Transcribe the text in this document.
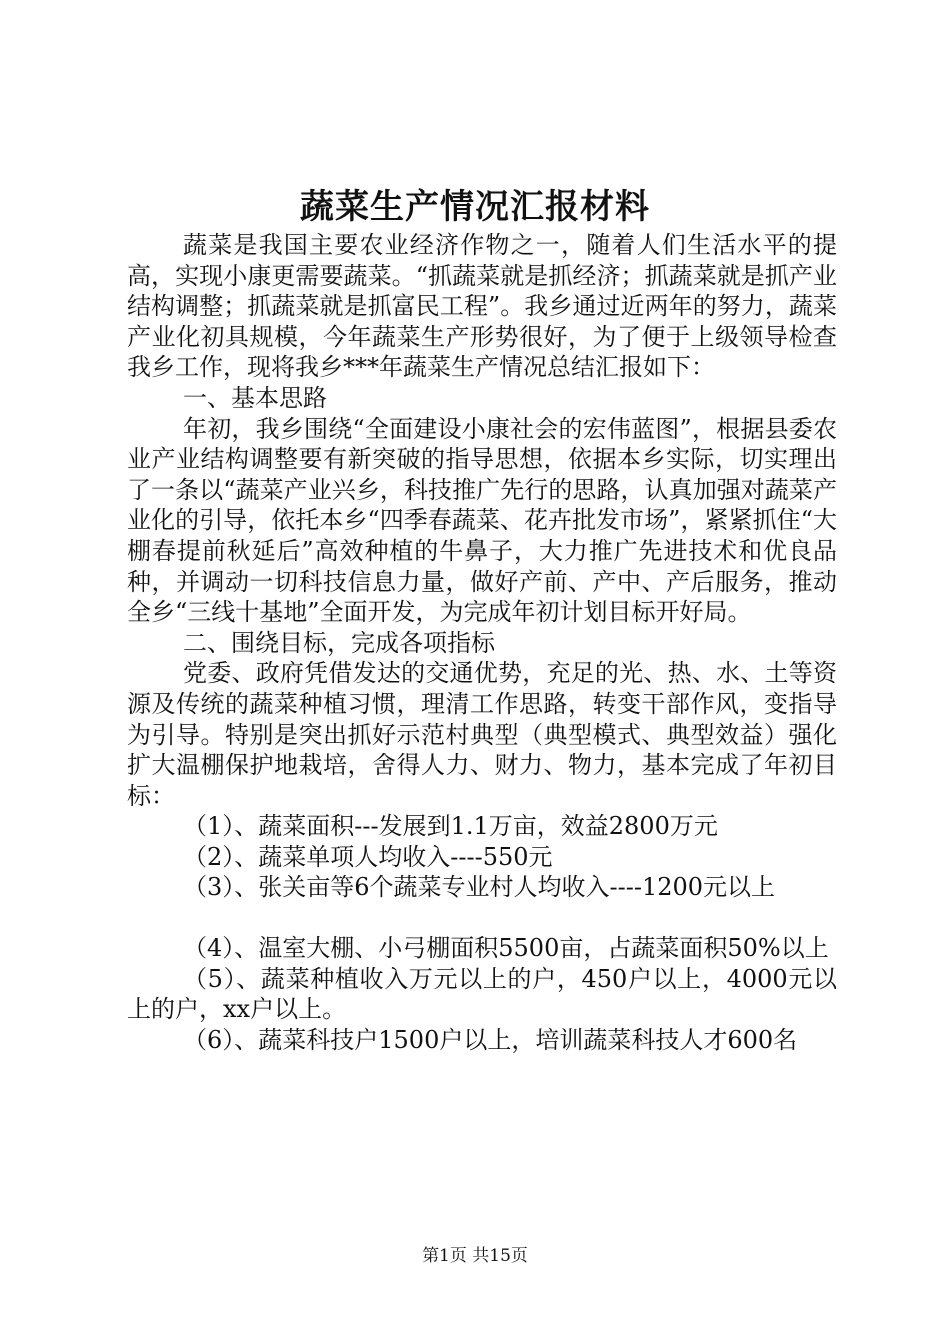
蔬菜生产情况汇报材料

蔬菜是我国主要农业经济作物之一，随着人们生活水平的提高，实现小康更需要蔬菜。“抓蔬菜就是抓经济；抓蔬菜就是抓产业结构调整；抓蔬菜就是抓富民工程”。我乡通过近两年的努力，蔬菜产业化初具规模，今年蔬菜生产形势很好，为了便于上级领导检查我乡工作，现将我乡***年蔬菜生产情况总结汇报如下：

一、基本思路

年初，我乡围绕“全面建设小康社会的宏伟蓝图”，根据县委农业产业结构调整要有新突破的指导思想，依据本乡实际，切实理出了一条以“蔬菜产业兴乡，科技推广先行的思路，认真加强对蔬菜产业化的引导，依托本乡“四季春蔬菜、花卉批发市场”，紧紧抓住“大棚春提前秋延后”高效种植的牛鼻子，大力推广先进技术和优良品种，并调动一切科技信息力量，做好产前、产中、产后服务，推动全乡“三线十基地”全面开发，为完成年初计划目标开好局。

二、围绕目标，完成各项指标

党委、政府凭借发达的交通优势，充足的光、热、水、土等资源及传统的蔬菜种植习惯，理清工作思路，转变干部作风，变指导为引导。特别是突出抓好示范村典型（典型模式、典型效益）强化扩大温棚保护地栽培，舍得人力、财力、物力，基本完成了年初目标：

（1）、蔬菜面积---发展到1.1万亩，效益2800万元

（2）、蔬菜单项人均收入----550元

（3）、张关亩等6个蔬菜专业村人均收入----1200元以上

（4）、温室大棚、小弓棚面积5500亩，占蔬菜面积50%以上

（5）、蔬菜种植收入万元以上的户，450户以上，4000元以上的户，xx户以上。

（6）、蔬菜科技户1500户以上，培训蔬菜科技人才600名

第1页 共15页
